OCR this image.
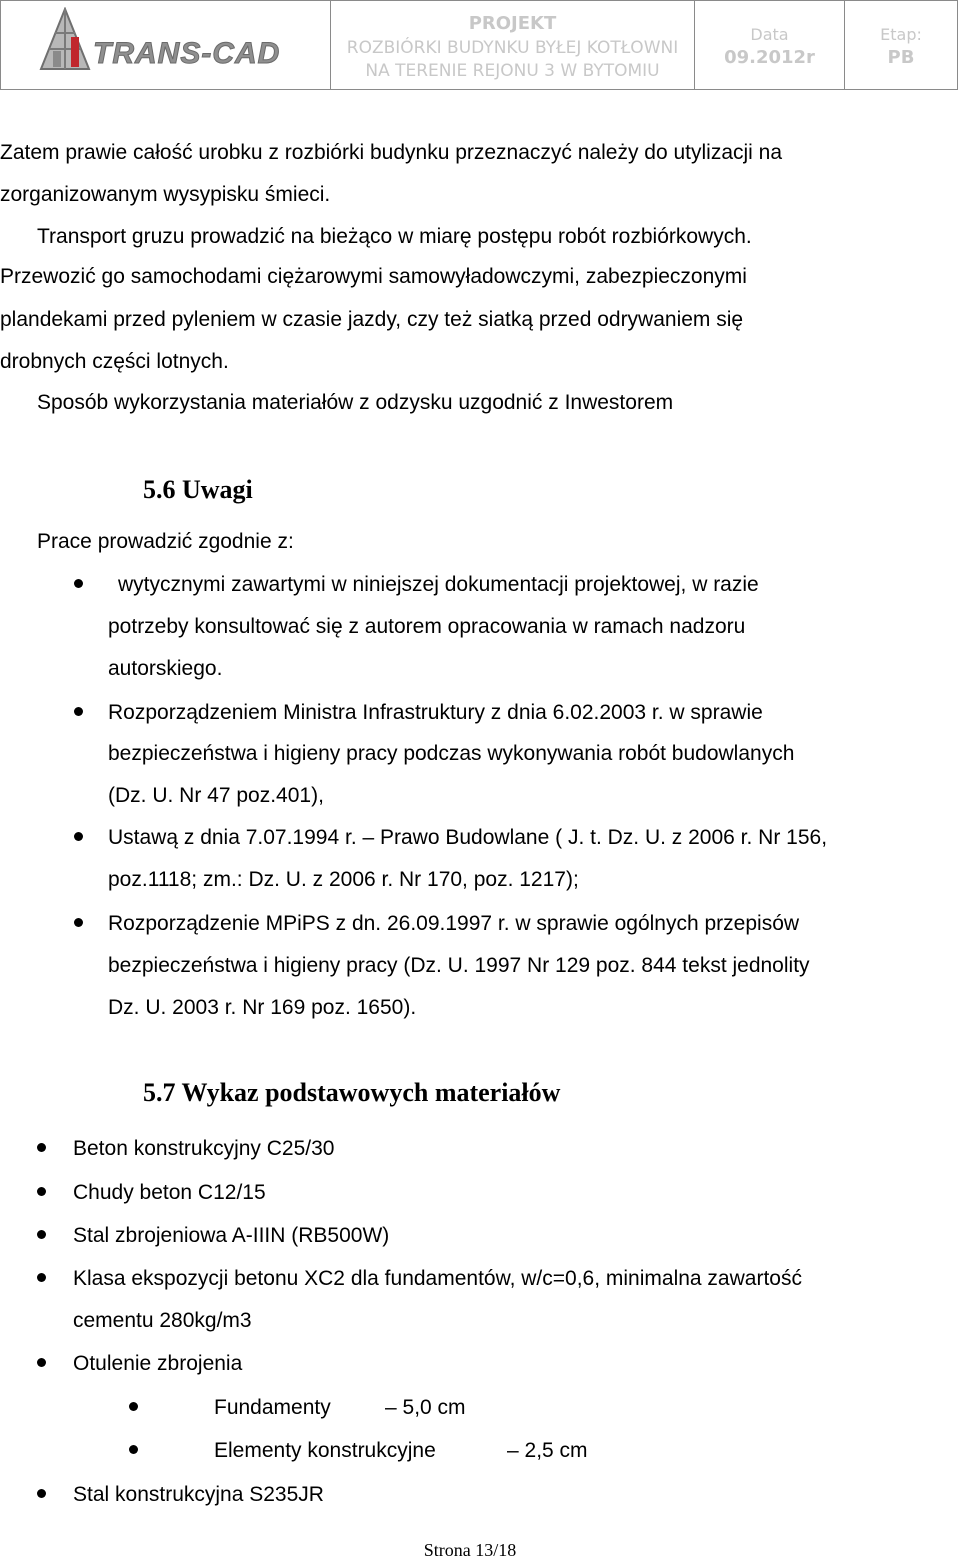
TRANS-CAD
PROJEKT
ROZBIÓRKI BUDYNKU BYŁEJ KOTŁOWNI
NA TERENIE REJONU 3 W BYTOMIU
Data
09.2012r
Etap:
PB
Zatem prawie całość urobku z rozbiórki budynku przeznaczyć należy do utylizacji na
zorganizowanym wysypisku śmieci.
Transport gruzu prowadzić na bieżąco w miarę postępu robót rozbiórkowych.
Przewozić go samochodami ciężarowymi samowyładowczymi, zabezpieczonymi
plandekami przed pyleniem w czasie jazdy, czy też siatką przed odrywaniem się
drobnych części lotnych.
Sposób wykorzystania materiałów z odzysku uzgodnić z Inwestorem
5.6 Uwagi
Prace prowadzić zgodnie z:
wytycznymi zawartymi w niniejszej dokumentacji projektowej, w razie
potrzeby konsultować się z autorem opracowania w ramach nadzoru
autorskiego.
Rozporządzeniem Ministra Infrastruktury z dnia 6.02.2003 r. w sprawie
bezpieczeństwa i higieny pracy podczas wykonywania robót budowlanych
(Dz. U. Nr 47 poz.401),
Ustawą z dnia 7.07.1994 r. – Prawo Budowlane ( J. t. Dz. U. z 2006 r. Nr 156,
poz.1118; zm.: Dz. U. z 2006 r. Nr 170, poz. 1217);
Rozporządzenie MPiPS z dn. 26.09.1997 r. w sprawie ogólnych przepisów
bezpieczeństwa i higieny pracy (Dz. U. 1997 Nr 129 poz. 844 tekst jednolity
Dz. U. 2003 r. Nr 169 poz. 1650).
5.7 Wykaz podstawowych materiałów
Beton konstrukcyjny C25/30
Chudy beton C12/15
Stal zbrojeniowa A-IIIN (RB500W)
Klasa ekspozycji betonu XC2 dla fundamentów, w/c=0,6, minimalna zawartość
cementu 280kg/m3
Otulenie zbrojenia
Fundamenty	– 5,0 cm
Elementy konstrukcyjne	– 2,5 cm
Stal konstrukcyjna S235JR
Strona 13/18
